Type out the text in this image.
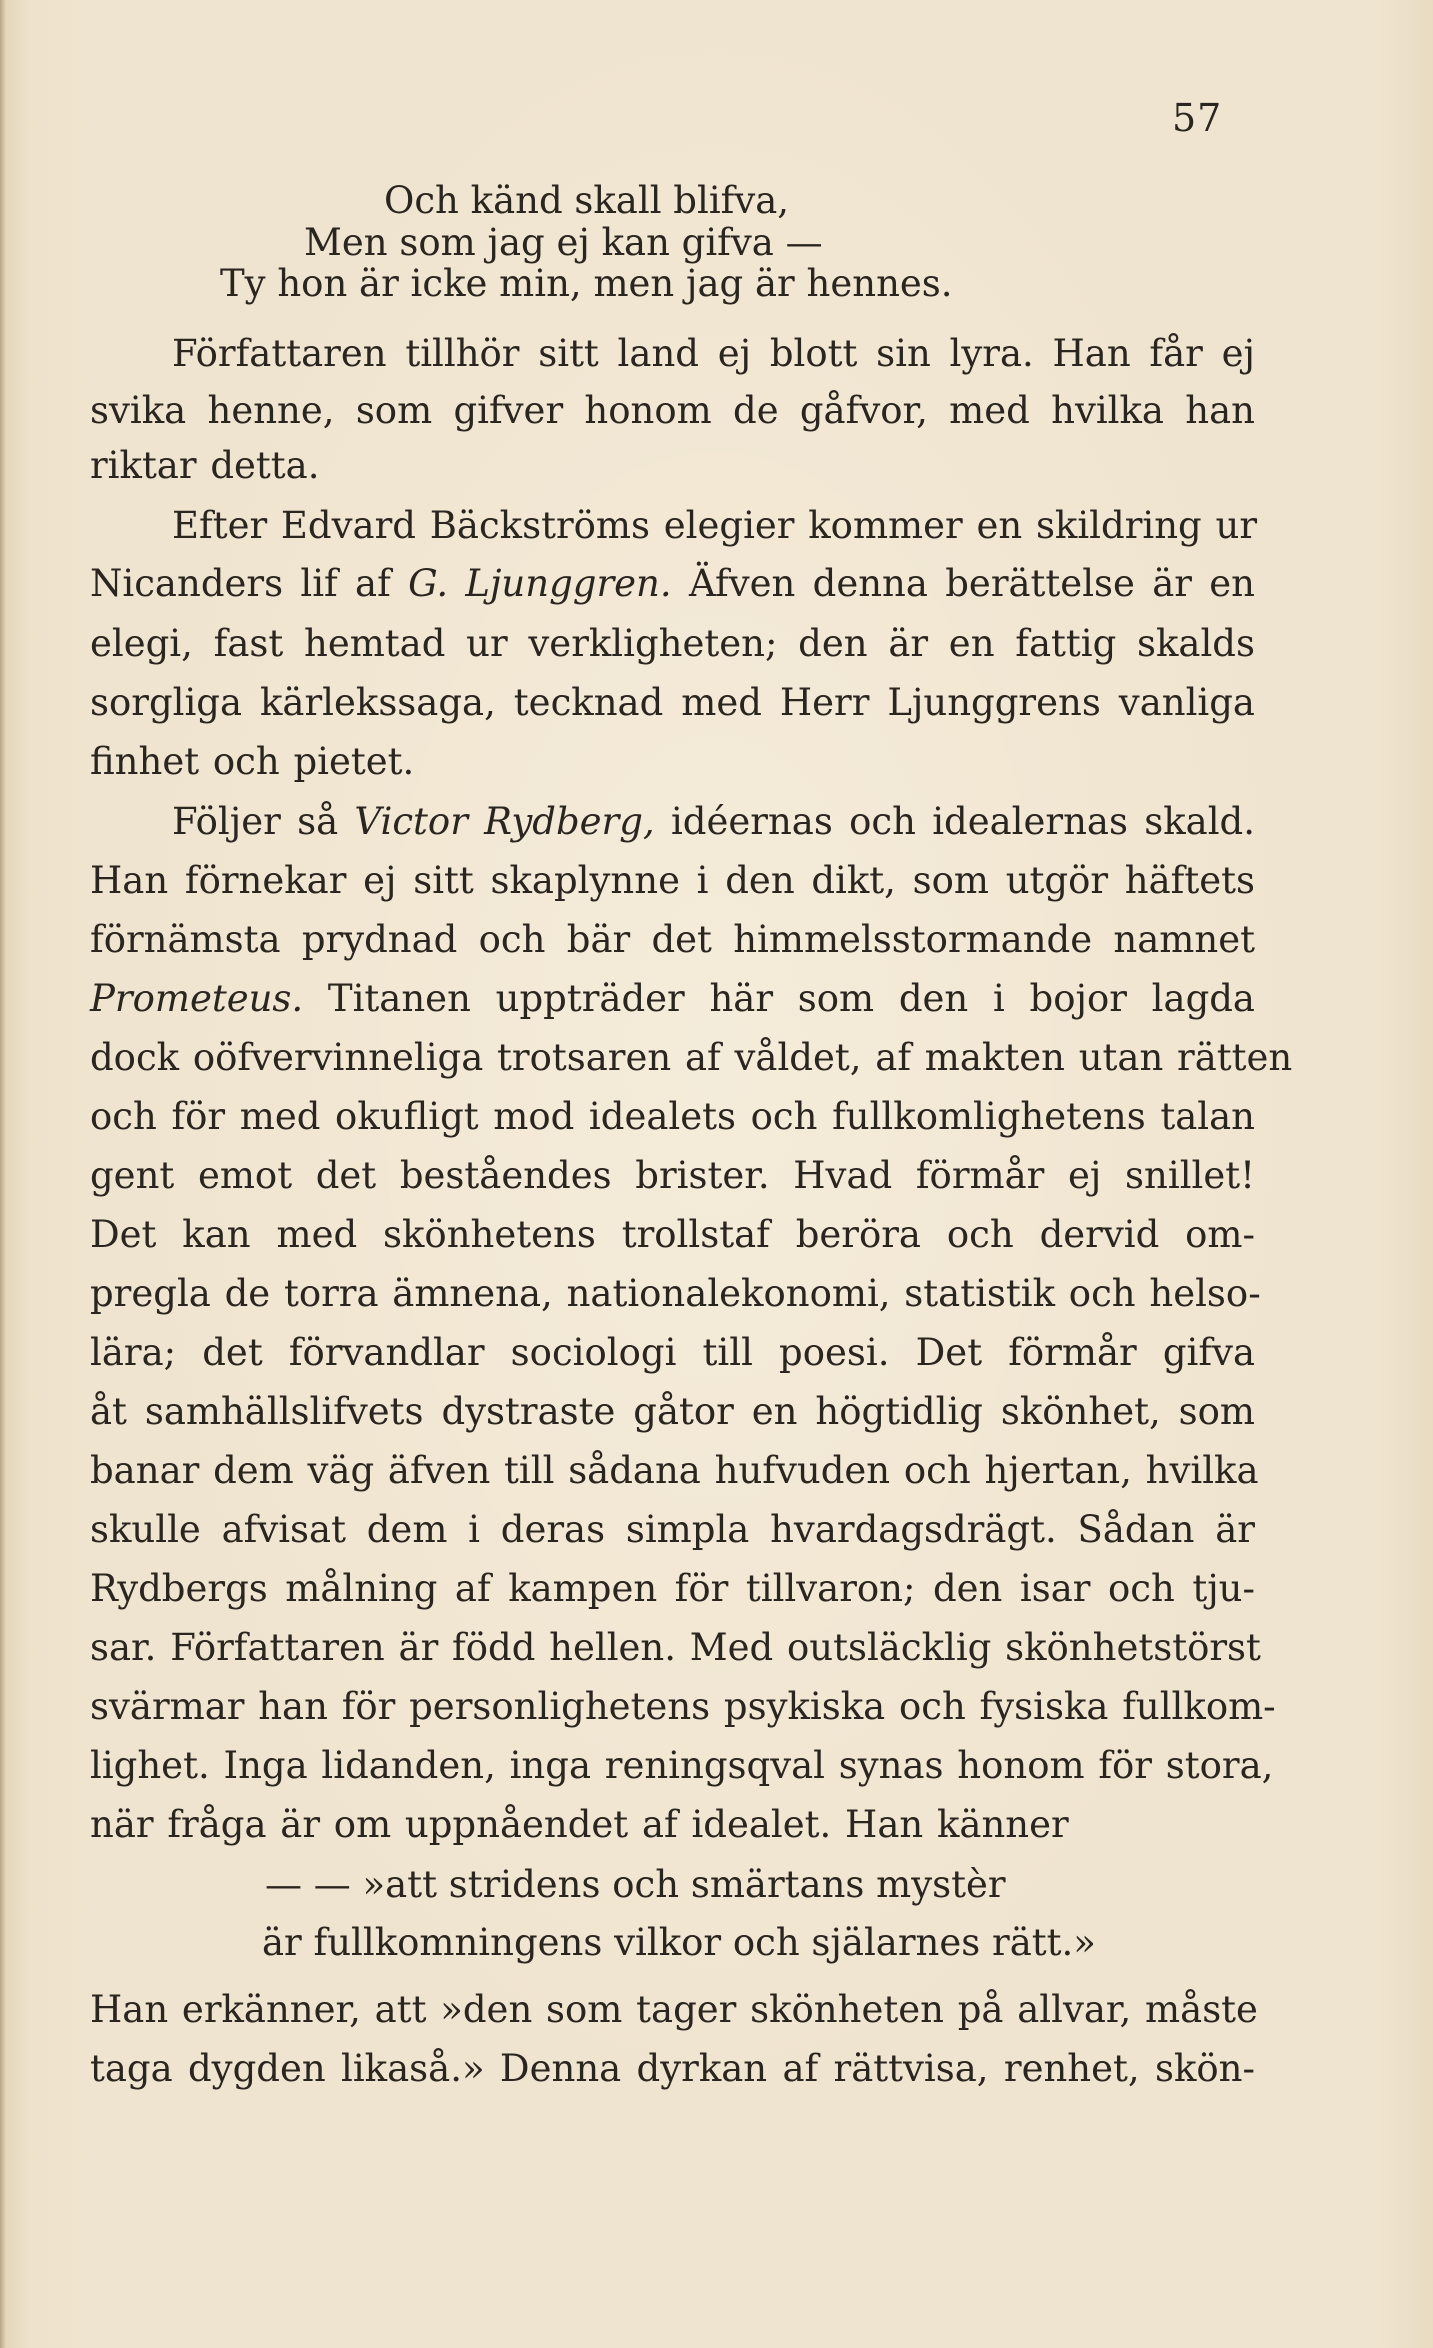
57
Och känd skall blifva,
Men som jag ej kan gifva —
Ty hon är icke min, men jag är hennes.
Författaren tillhör sitt land ej blott sin lyra. Han får ej
svika henne, som gifver honom de gåfvor, med hvilka han
riktar detta.
Efter Edvard Bäckströms elegier kommer en skildring ur
Nicanders lif af G. Ljunggren. Äfven denna berättelse är en
elegi, fast hemtad ur verkligheten; den är en fattig skalds
sorgliga kärlekssaga, tecknad med Herr Ljunggrens vanliga
finhet och pietet.
Följer så Victor Rydberg, idéernas och idealernas skald.
Han förnekar ej sitt skaplynne i den dikt, som utgör häftets
förnämsta prydnad och bär det himmelsstormande namnet
Prometeus. Titanen uppträder här som den i bojor lagda
dock oöfvervinneliga trotsaren af våldet, af makten utan rätten
och för med okufligt mod idealets och fullkomlighetens talan
gent emot det beståendes brister. Hvad förmår ej snillet!
Det kan med skönhetens trollstaf beröra och dervid om-
pregla de torra ämnena, nationalekonomi, statistik och helso-
lära; det förvandlar sociologi till poesi. Det förmår gifva
åt samhällslifvets dystraste gåtor en högtidlig skönhet, som
banar dem väg äfven till sådana hufvuden och hjertan, hvilka
skulle afvisat dem i deras simpla hvardagsdrägt. Sådan är
Rydbergs målning af kampen för tillvaron; den isar och tju-
sar. Författaren är född hellen. Med outsläcklig skönhetstörst
svärmar han för personlighetens psykiska och fysiska fullkom-
lighet. Inga lidanden, inga reningsqval synas honom för stora,
när fråga är om uppnåendet af idealet. Han känner
— — »att stridens och smärtans mystèr
är fullkomningens vilkor och själarnes rätt.»
Han erkänner, att »den som tager skönheten på allvar, måste
taga dygden likaså.» Denna dyrkan af rättvisa, renhet, skön-
